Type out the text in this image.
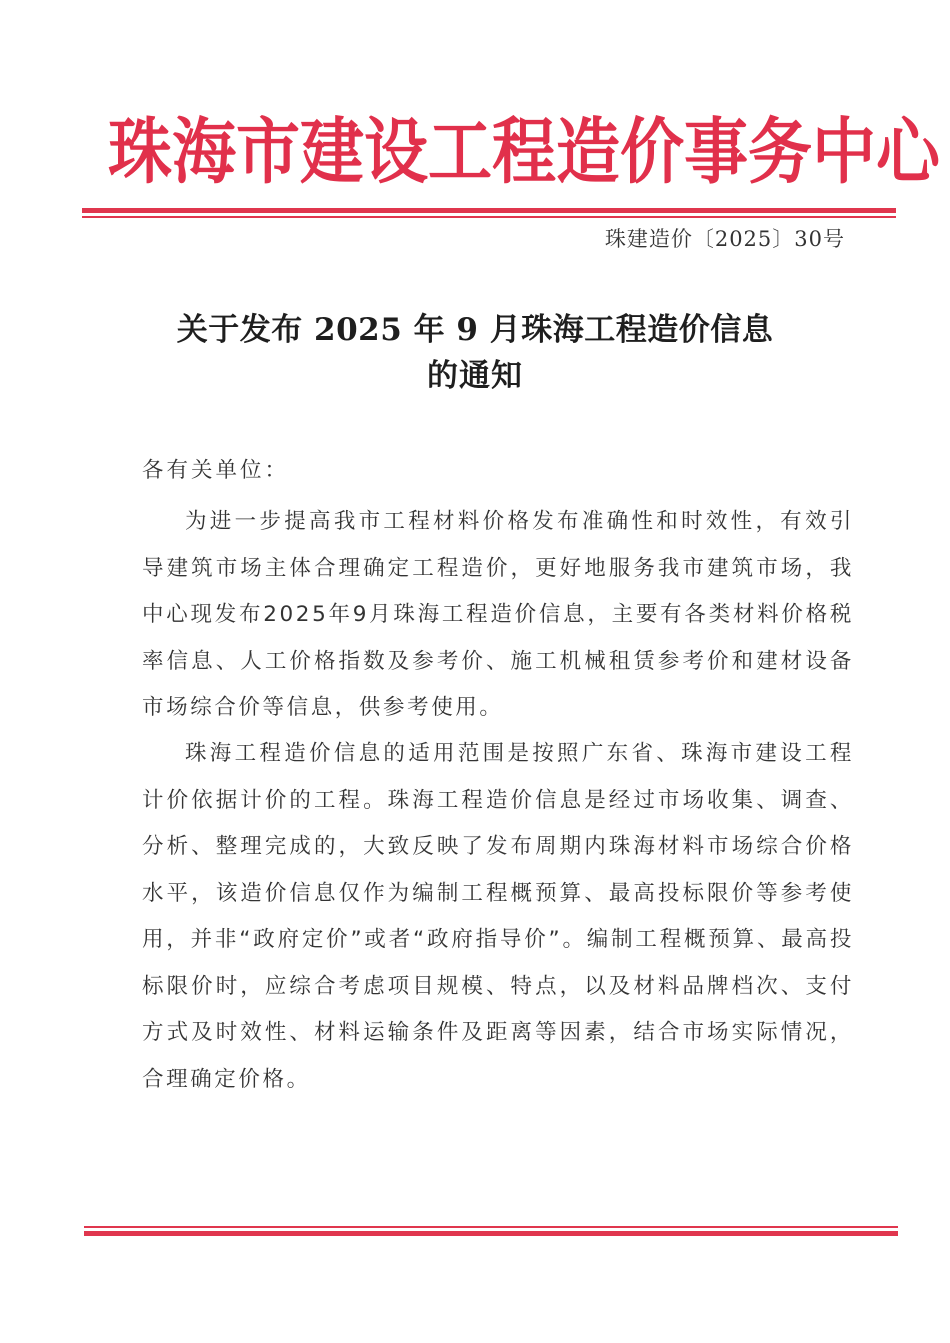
珠 海 市 建 设 工 程 造 价 事 务 中 心
珠建造价〔2025〕30号
关于发布 2025 年 9 月珠海工程造价信息
的通知
各有关单位：
为进一步提高我市工程材料价格发布准确性和时效性，有效引导建筑市场主体合理确定工程造价，更好地服务我市建筑市场，我中心现发布2025年9月珠海工程造价信息，主要有各类材料价格税率信息、人工价格指数及参考价、施工机械租赁参考价和建材设备市场综合价等信息，供参考使用。
珠海工程造价信息的适用范围是按照广东省、珠海市建设工程计价依据计价的工程。珠海工程造价信息是经过市场收集、调查、分析、整理完成的，大致反映了发布周期内珠海材料市场综合价格水平，该造价信息仅作为编制工程概预算、最高投标限价等参考使用，并非“政府定价”或者“政府指导价”。编制工程概预算、最高投标限价时，应综合考虑项目规模、特点，以及材料品牌档次、支付方式及时效性、材料运输条件及距离等因素，结合市场实际情况，合理确定价格。
